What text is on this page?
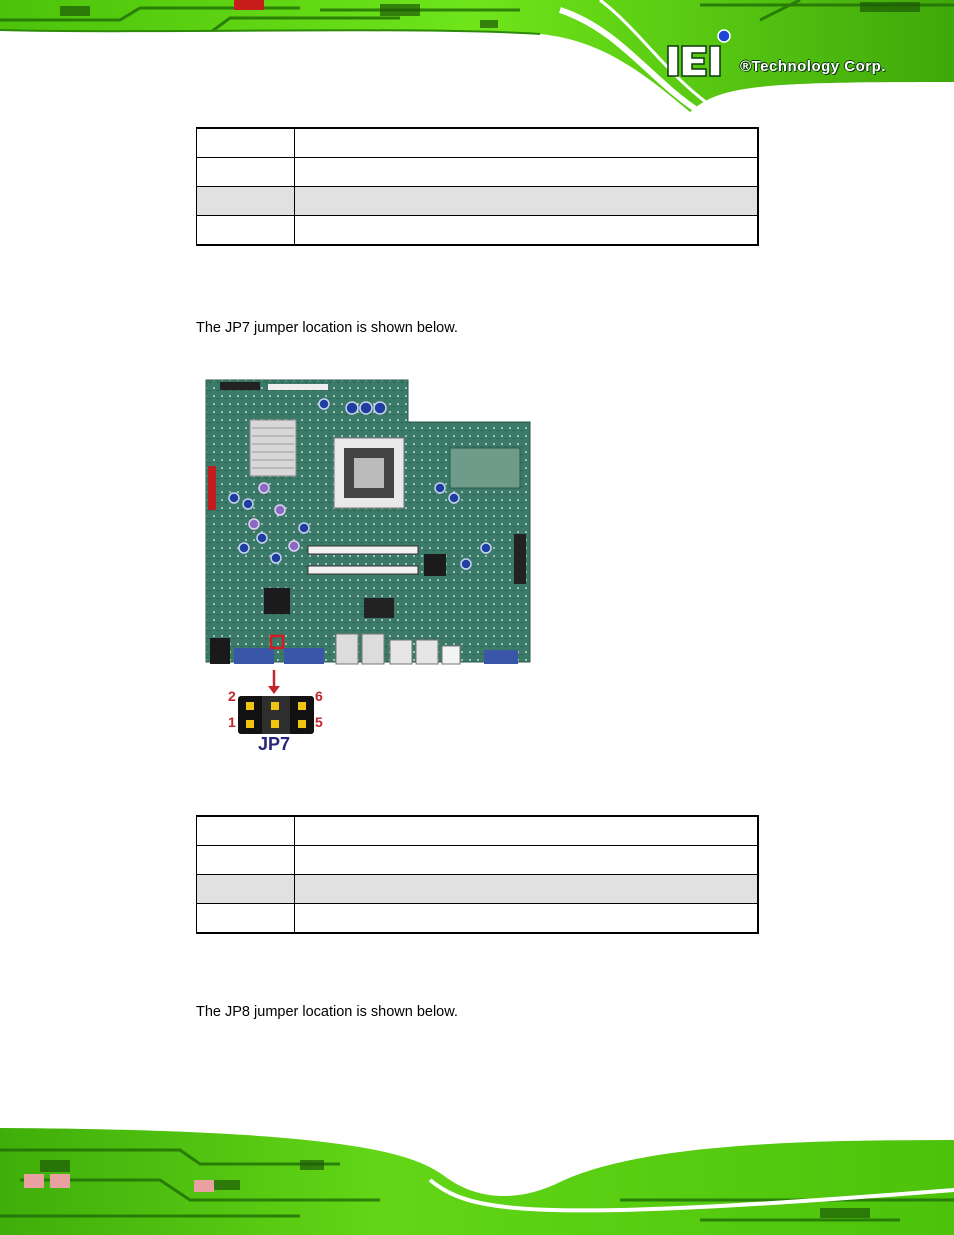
®Technology Corp.

The JP7 jumper location is shown below.
2	6
1	5
JP7

The JP8 jumper location is shown below.
